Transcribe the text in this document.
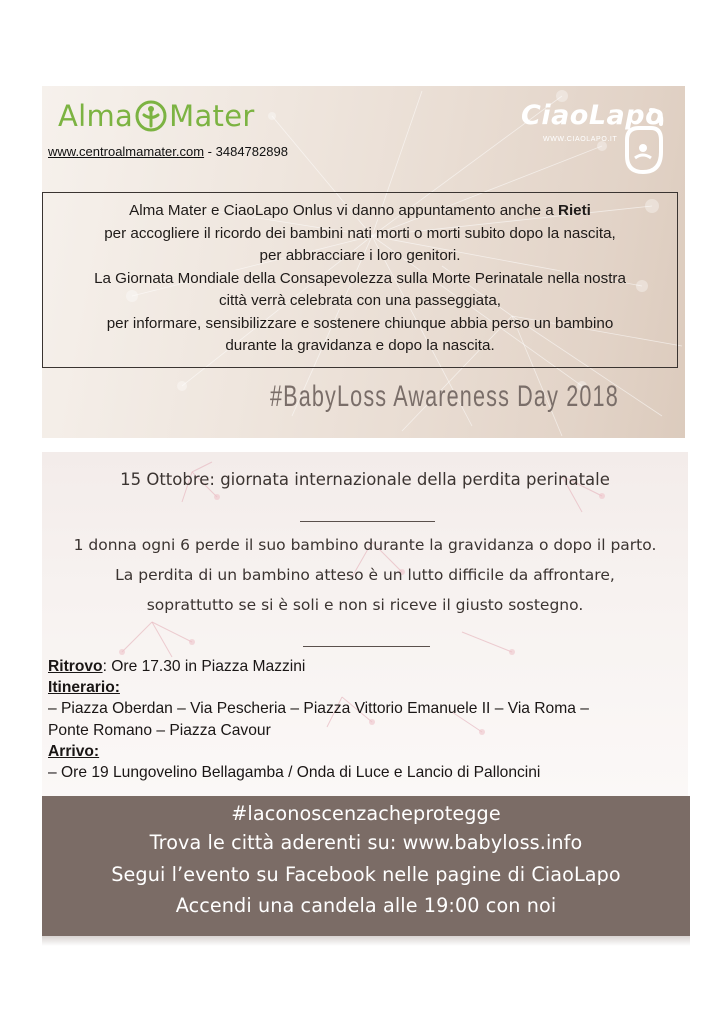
Alma Mater
www.centroalmamater.com - 3484782898
CiaoLapo
WWW.CIAOLAPO.IT

Alma Mater e CiaoLapo Onlus vi danno appuntamento anche a Rieti

per accogliere il ricordo dei bambini nati morti o morti subito dopo la nascita,

per abbracciare i loro genitori.

La Giornata Mondiale della Consapevolezza sulla Morte Perinatale nella nostra

città verrà celebrata con una passeggiata,

per informare, sensibilizzare e sostenere chiunque abbia perso un bambino

durante la gravidanza e dopo la nascita.

#BabyLoss Awareness Day 2018
15 Ottobre: giornata internazionale della perdita perinatale
1 donna ogni 6 perde il suo bambino durante la gravidanza o dopo il parto.
La perdita di un bambino atteso è un lutto difficile da affrontare,
soprattutto se si è soli e non si riceve il giusto sostegno.
Ritrovo: Ore 17.30 in Piazza Mazzini
Itinerario:
– Piazza Oberdan – Via Pescheria – Piazza Vittorio Emanuele II – Via Roma –
Ponte Romano – Piazza Cavour
Arrivo:
– Ore 19 Lungovelino Bellagamba / Onda di Luce e Lancio di Palloncini
#laconoscenzacheprotegge
Trova le città aderenti su: www.babyloss.info
Segui l’evento su Facebook nelle pagine di CiaoLapo
Accendi una candela alle 19:00 con noi
